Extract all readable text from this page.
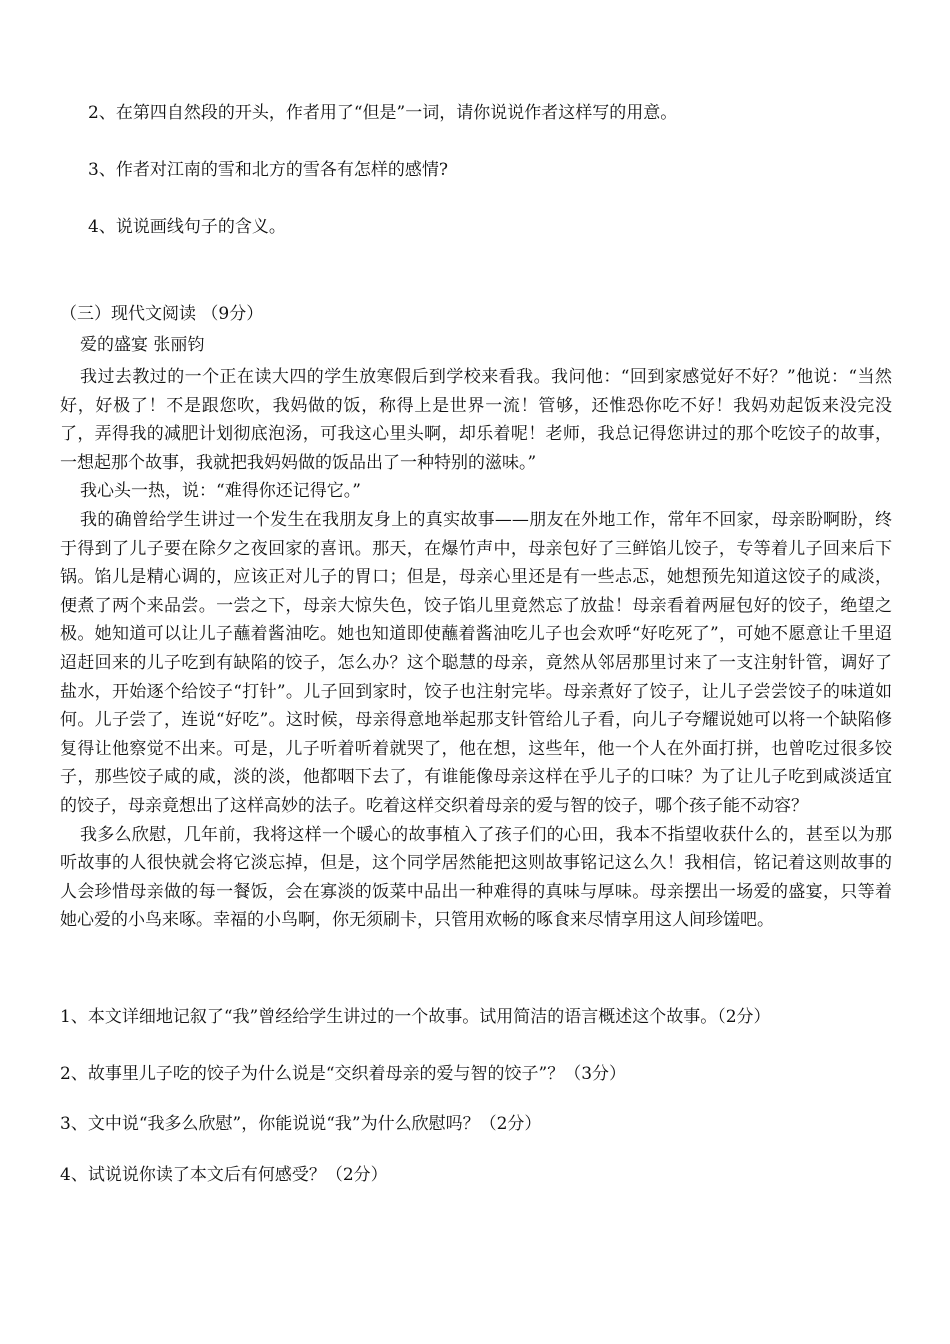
2、在第四自然段的开头，作者用了“但是”一词，请你说说作者这样写的用意。
3、作者对江南的雪和北方的雪各有怎样的感情?
4、说说画线句子的含义。
（三）现代文阅读 （9分）
爱的盛宴 张丽钧

我过去教过的一个正在读大四的学生放寒假后到学校来看我。我问他：“回到家感觉好不好？”他说：“当然好，好极了！不是跟您吹，我妈做的饭，称得上是世界一流！管够，还惟恐你吃不好！我妈劝起饭来没完没了，弄得我的减肥计划彻底泡汤，可我这心里头啊，却乐着呢！老师，我总记得您讲过的那个吃饺子的故事，一想起那个故事，我就把我妈妈做的饭品出了一种特别的滋味。”

我心头一热，说：“难得你还记得它。”

我的确曾给学生讲过一个发生在我朋友身上的真实故事——朋友在外地工作，常年不回家，母亲盼啊盼，终于得到了儿子要在除夕之夜回家的喜讯。那天，在爆竹声中，母亲包好了三鲜馅儿饺子，专等着儿子回来后下锅。馅儿是精心调的，应该正对儿子的胃口；但是，母亲心里还是有一些忐忑，她想预先知道这饺子的咸淡，便煮了两个来品尝。一尝之下，母亲大惊失色，饺子馅儿里竟然忘了放盐！母亲看着两屉包好的饺子，绝望之极。她知道可以让儿子蘸着酱油吃。她也知道即使蘸着酱油吃儿子也会欢呼“好吃死了”，可她不愿意让千里迢迢赶回来的儿子吃到有缺陷的饺子，怎么办？这个聪慧的母亲，竟然从邻居那里讨来了一支注射针管，调好了盐水，开始逐个给饺子“打针”。儿子回到家时，饺子也注射完毕。母亲煮好了饺子，让儿子尝尝饺子的味道如何。儿子尝了，连说“好吃”。这时候，母亲得意地举起那支针管给儿子看，向儿子夸耀说她可以将一个缺陷修复得让他察觉不出来。可是，儿子听着听着就哭了，他在想，这些年，他一个人在外面打拼，也曾吃过很多饺子，那些饺子咸的咸，淡的淡，他都咽下去了，有谁能像母亲这样在乎儿子的口味？为了让儿子吃到咸淡适宜的饺子，母亲竟想出了这样高妙的法子。吃着这样交织着母亲的爱与智的饺子，哪个孩子能不动容？

我多么欣慰，几年前，我将这样一个暖心的故事植入了孩子们的心田，我本不指望收获什么的，甚至以为那听故事的人很快就会将它淡忘掉，但是，这个同学居然能把这则故事铭记这么久！我相信，铭记着这则故事的人会珍惜母亲做的每一餐饭，会在寡淡的饭菜中品出一种难得的真味与厚味。母亲摆出一场爱的盛宴，只等着她心爱的小鸟来啄。幸福的小鸟啊，你无须刷卡，只管用欢畅的啄食来尽情享用这人间珍馐吧。

1、本文详细地记叙了“我”曾经给学生讲过的一个故事。试用简洁的语言概述这个故事。（2分）
2、故事里儿子吃的饺子为什么说是“交织着母亲的爱与智的饺子”？（3分）
3、文中说“我多么欣慰”，你能说说“我”为什么欣慰吗？（2分）
4、试说说你读了本文后有何感受？（2分）
